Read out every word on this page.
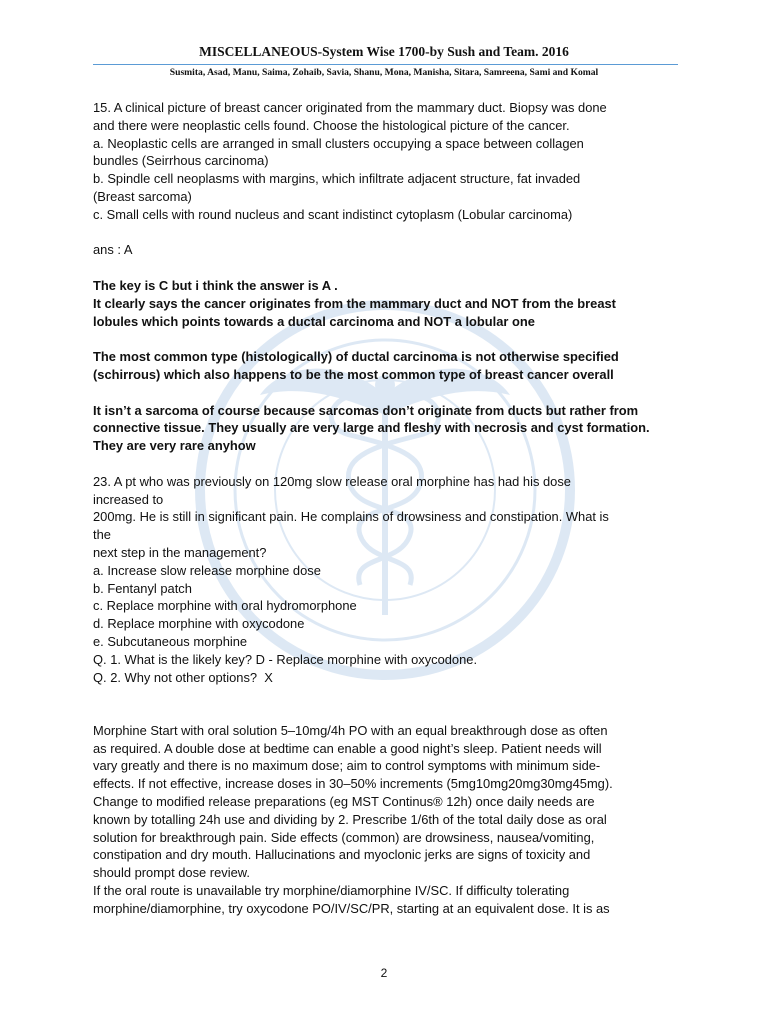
MISCELLANEOUS-System Wise 1700-by Sush and Team. 2016
Susmita, Asad, Manu, Saima, Zohaib, Savia, Shanu, Mona, Manisha, Sitara, Samreena, Sami and Komal

15. A clinical picture of breast cancer originated from the mammary duct. Biopsy was done

and there were neoplastic cells found. Choose the histological picture of the cancer.

a. Neoplastic cells are arranged in small clusters occupying a space between collagen

bundles (Seirrhous carcinoma)

b. Spindle cell neoplasms with margins, which infiltrate adjacent structure, fat invaded

(Breast sarcoma)

c. Small cells with round nucleus and scant indistinct cytoplasm (Lobular carcinoma)

ans : A

The key is C but i think the answer is A .

It clearly says the cancer originates from the mammary duct and NOT from the breast

lobules which points towards a ductal carcinoma and NOT a lobular one

The most common type (histologically) of ductal carcinoma is not otherwise specified

(schirrous) which also happens to be the most common type of breast cancer overall

It isn’t a sarcoma of course because sarcomas don’t originate from ducts but rather from

connective tissue. They usually are very large and fleshy with necrosis and cyst formation.

They are very rare anyhow

23. A pt who was previously on 120mg slow release oral morphine has had his dose

increased to

200mg. He is still in significant pain. He complains of drowsiness and constipation. What is

the

next step in the management?

a. Increase slow release morphine dose

b. Fentanyl patch

c. Replace morphine with oral hydromorphone

d. Replace morphine with oxycodone

e. Subcutaneous morphine

Q. 1. What is the likely key? D - Replace morphine with oxycodone.

Q. 2. Why not other options?  X

Morphine Start with oral solution 5–10mg/4h PO with an equal breakthrough dose as often

as required. A double dose at bedtime can enable a good night’s sleep. Patient needs will

vary greatly and there is no maximum dose; aim to control symptoms with minimum side-

effects. If not effective, increase doses in 30–50% increments (5mg10mg20mg30mg45mg).

Change to modified release preparations (eg MST Continus® 12h) once daily needs are

known by totalling 24h use and dividing by 2. Prescribe 1/6th of the total daily dose as oral

solution for breakthrough pain. Side effects (common) are drowsiness, nausea/vomiting,

constipation and dry mouth. Hallucinations and myoclonic jerks are signs of toxicity and

should prompt dose review.

If the oral route is unavailable try morphine/diamorphine IV/SC. If difficulty tolerating

morphine/diamorphine, try oxycodone PO/IV/SC/PR, starting at an equivalent dose. It is as

2
